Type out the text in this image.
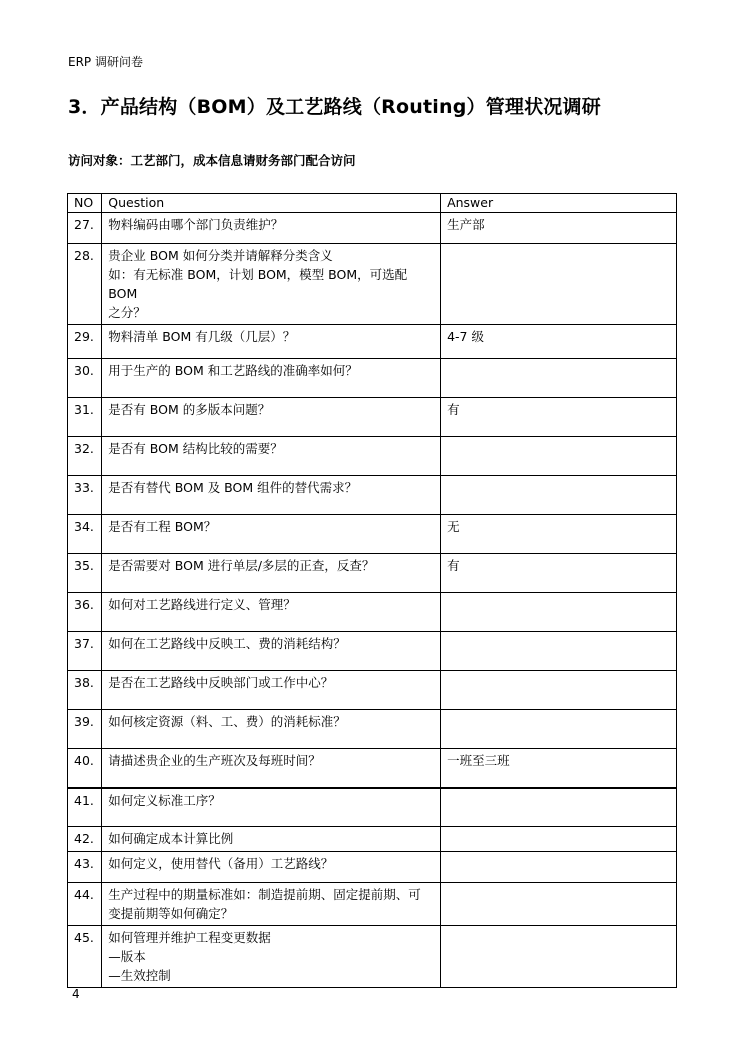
ERP 调研问卷
3．产品结构（BOM）及工艺路线（Routing）管理状况调研
访问对象：工艺部门，成本信息请财务部门配合访问
NO	Question	Answer
27.	物料编码由哪个部门负责维护？	生产部
28.	贵企业 BOM 如何分类并请解释分类含义
如：有无标准 BOM，计划 BOM，模型 BOM，可选配 BOM
之分？	

29.	物料清单 BOM 有几级（几层）？	4-7 级
30.	用于生产的 BOM 和工艺路线的准确率如何？	

31.	是否有 BOM 的多版本问题？	有
32.	是否有 BOM 结构比较的需要？	

33.	是否有替代 BOM 及 BOM 组件的替代需求？	

34.	是否有工程 BOM？	无
35.	是否需要对 BOM 进行单层/多层的正查，反查？	有
36.	如何对工艺路线进行定义、管理？	

37.	如何在工艺路线中反映工、费的消耗结构？	

38.	是否在工艺路线中反映部门或工作中心？	

39.	如何核定资源（料、工、费）的消耗标准？	

40.	请描述贵企业的生产班次及每班时间？	一班至三班
41.	如何定义标准工序？	

42.	如何确定成本计算比例	

43.	如何定义，使用替代（备用）工艺路线？	

44.	生产过程中的期量标准如：制造提前期、固定提前期、可
变提前期等如何确定？	

45.	如何管理并维护工程变更数据
—版本
—生效控制	

4
